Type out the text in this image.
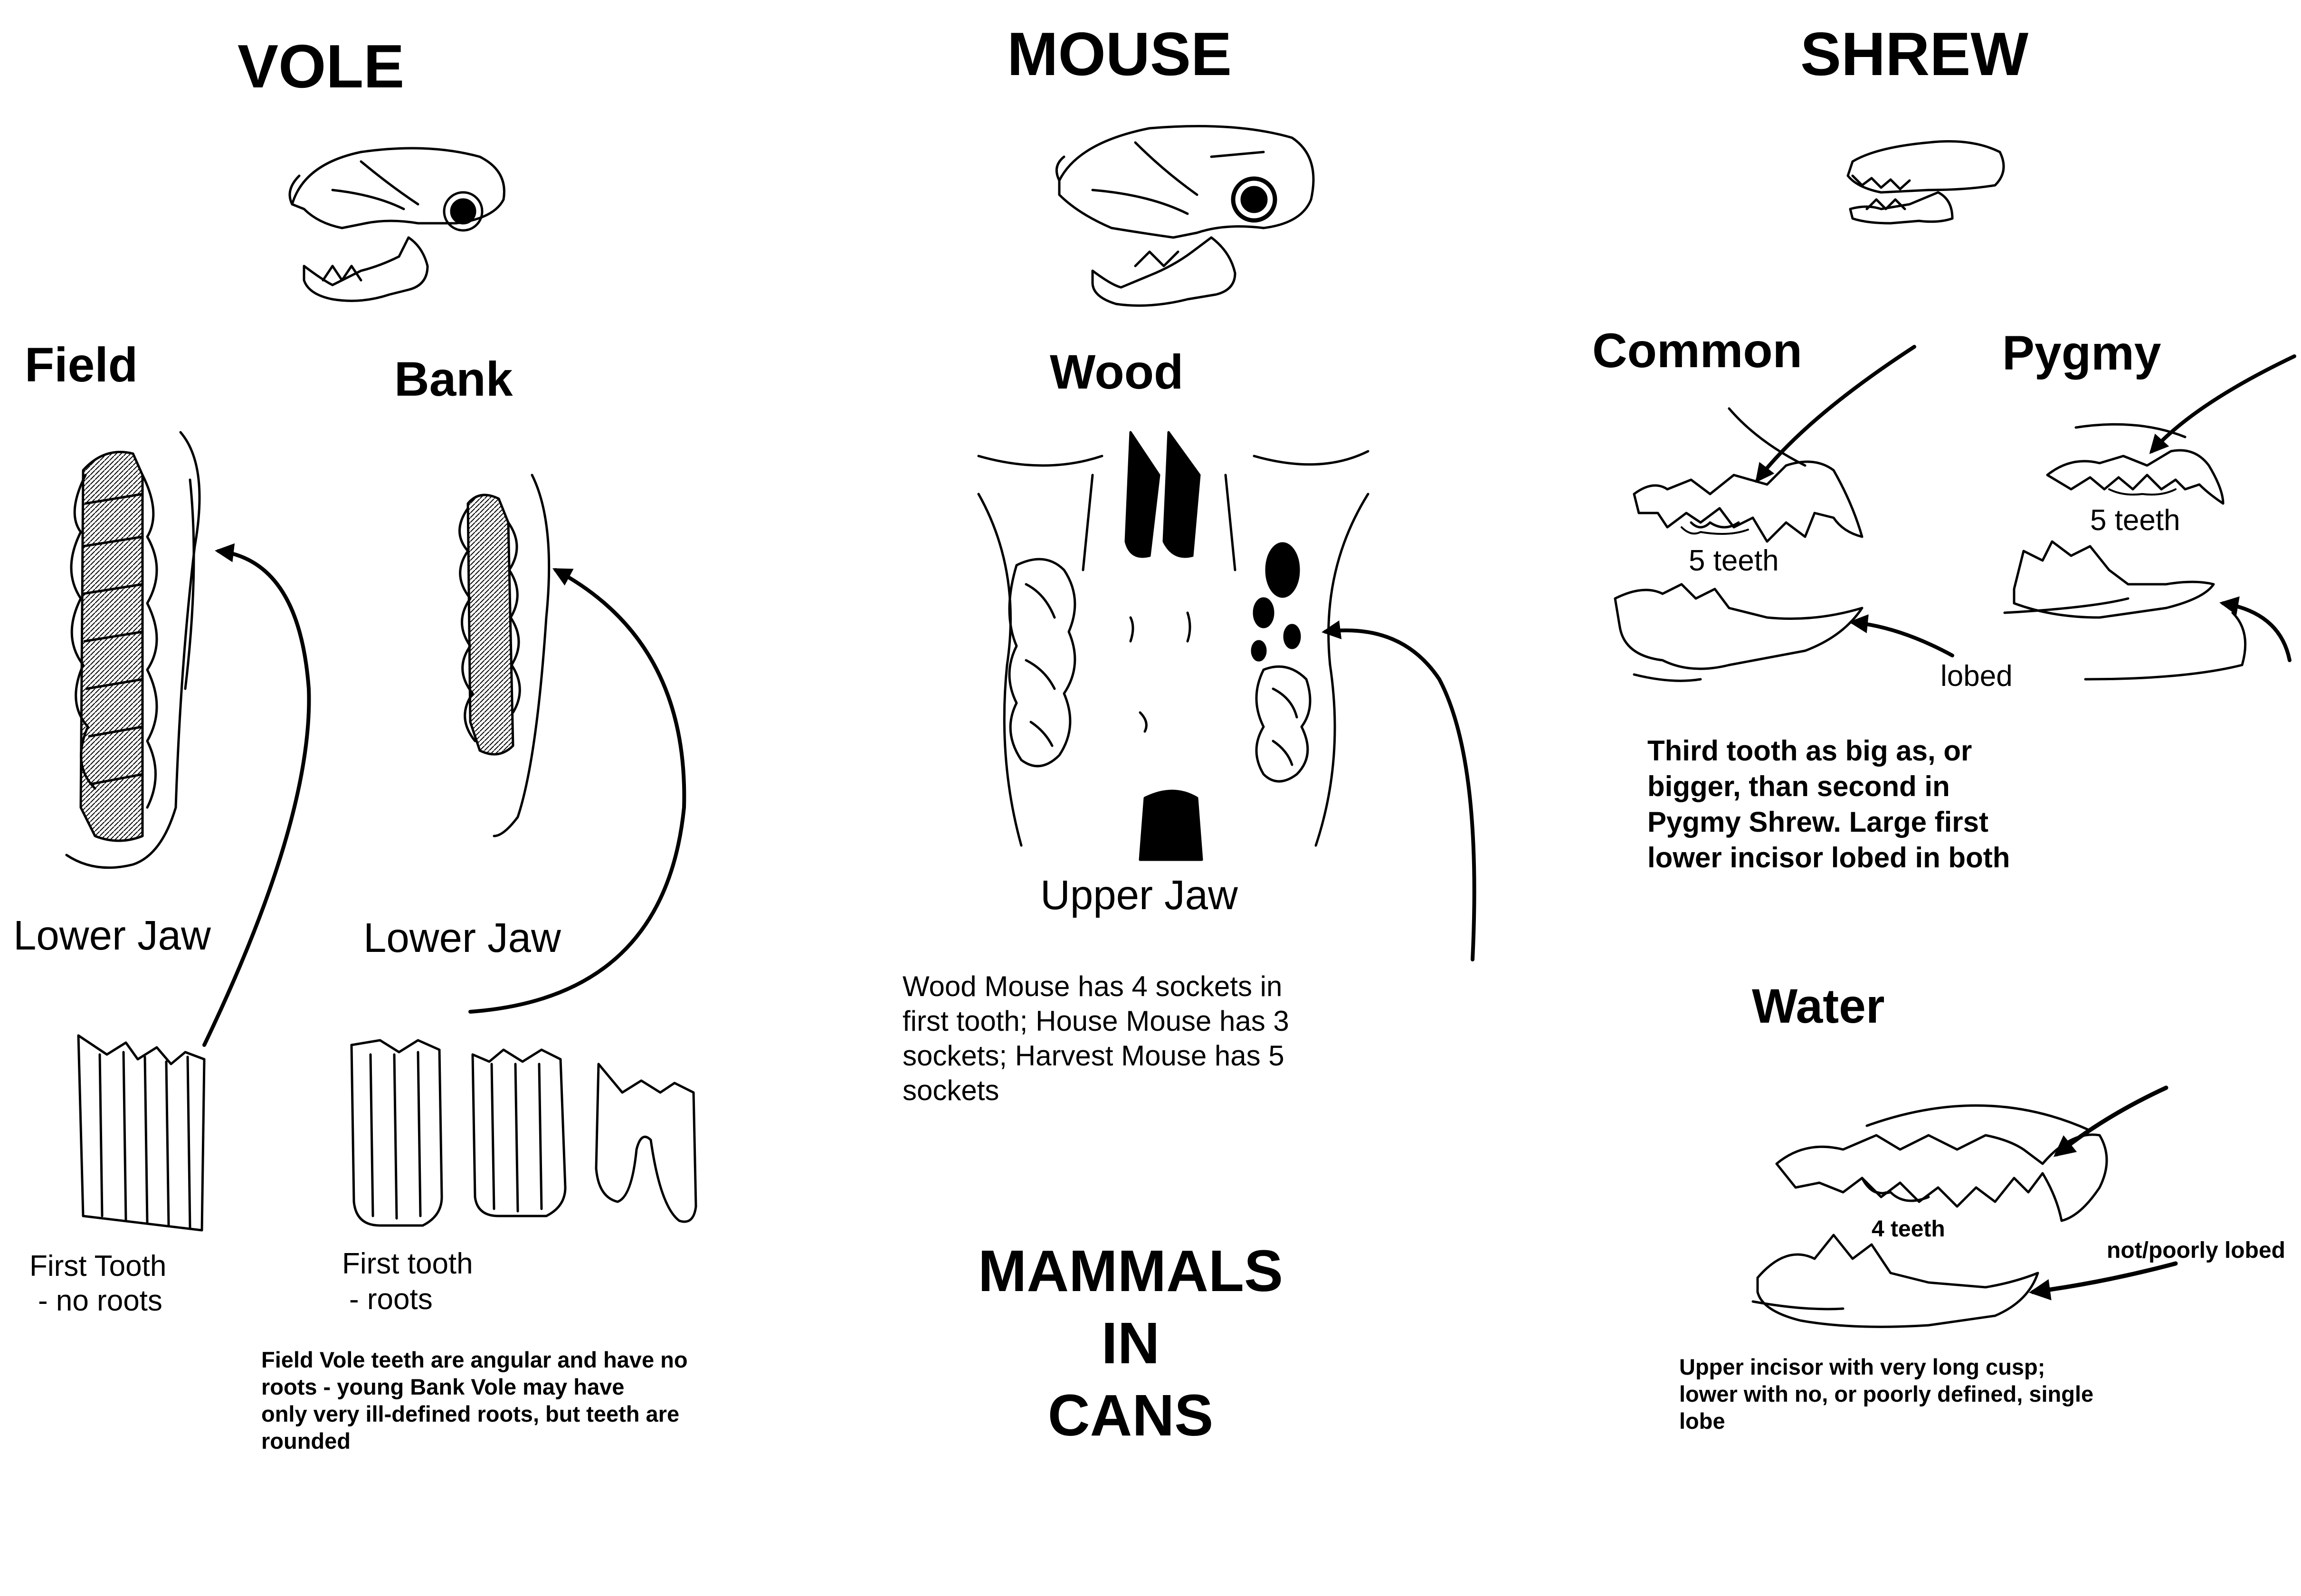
VOLE
Field	Bank
Lower Jaw	Lower Jaw
First Tooth
- no roots
First tooth
- roots
Field Vole teeth are angular and have no
roots - young Bank Vole may have
only very ill-defined roots, but teeth are
rounded
MOUSE
Wood
Upper Jaw
Wood Mouse has 4 sockets in
first tooth; House Mouse has 3
sockets; Harvest Mouse has 5
sockets
MAMMALS
IN
CANS
SHREW
Common	Pygmy
5 teeth
5 teeth
lobed
Third tooth as big as, or
bigger, than second in
Pygmy Shrew. Large first
lower incisor lobed in both
Water
4 teeth
not/poorly lobed
Upper incisor with very long cusp;
lower with no, or poorly defined, single
lobe
